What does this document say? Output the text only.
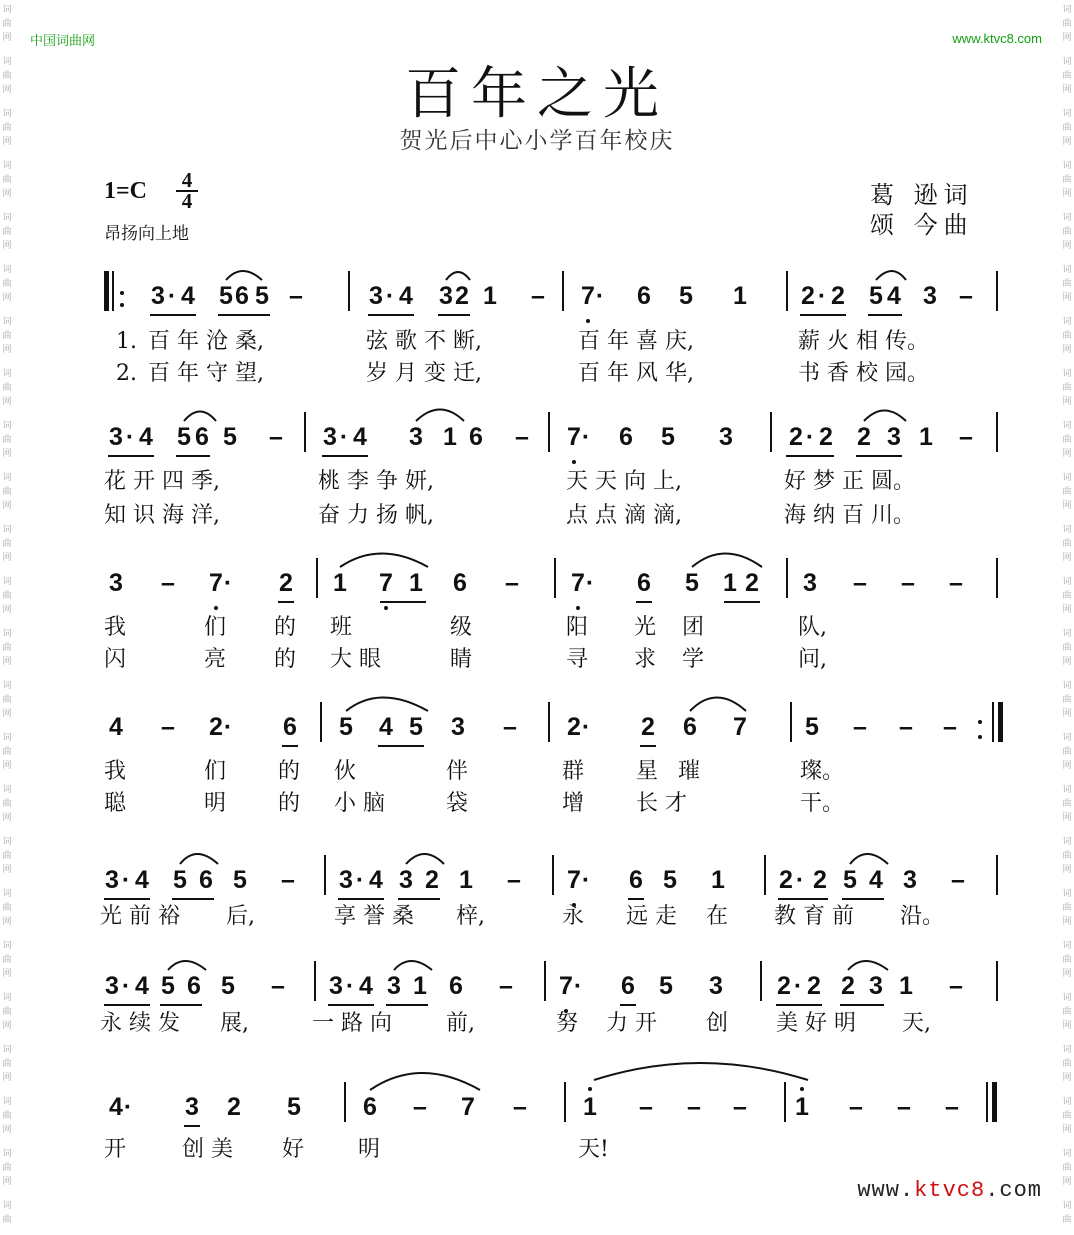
词
曲
网
词
曲
网
词
曲
网
词
曲
网
词
曲
网
词
曲
网
词
曲
网
词
曲
网
词
曲
网
词
曲
网
词
曲
网
词
曲
网
词
曲
网
词
曲
网
词
曲
网
词
曲
网
词
曲
网
词
曲
网
词
曲
网
词
曲
网
词
曲
网
词
曲
网
词
曲
网
词
曲
词
曲
网
词
曲
网
词
曲
网
词
曲
网
词
曲
网
词
曲
网
词
曲
网
词
曲
网
词
曲
网
词
曲
网
词
曲
网
词
曲
网
词
曲
网
词
曲
网
词
曲
网
词
曲
网
词
曲
网
词
曲
网
词
曲
网
词
曲
网
词
曲
网
词
曲
网
词
曲
网
词
曲
中国词曲网	www.ktvc8.com
百年之光
贺光后中心小学百年校庆
1=C 4
4
昂扬向上地
葛 逊词
颂 今曲
3 · 4 5 6 5 –	3 · 4 3 2 1 – 7 · 6 5 1 2 · 2 5 4 3 –
3 · 4 5 6 5 – 3 · 4 3 1 6 – 7 · 6 5 3 2 · 2 2 3 1 –
3 – 7 · 2 1 7 1 6 – 7 · 6 5 1 2 3 – – –
4 – 2 · 6 5 4 5 3 – 2 · 2 6 7 5 – – –
3 · 4 5 6 5 – 3 · 4 3 2 1 – 7 · 6 5 1 2 · 2 5 4 3 –
3 · 4 5 6 5 – 3 · 4 3 1 6 – 7 · 6 5 3 2 · 2 2 3 1 –
4 · 3 2 5 6 – 7 – 1 – – – 1 – – –
1. 百 年 沧 桑,	弦 歌 不 断,	百 年 喜 庆,	薪 火 相 传。
2. 百 年 守 望,	岁 月 变 迁,	百 年 风 华,	书 香 校 园。
花 开 四 季,	桃 李 争 妍,	天 天 向 上,	好 梦 正 圆。
知 识 海 洋,	奋 力 扬 帆,	点 点 滴 滴,	海 纳 百 川。
我	们 的 班	级	阳 光 团	队,
闪	亮 的 大 眼	睛	寻 求 学	问,
我	们 的 伙	伴	群 星 璀	璨。
聪	明 的 小 脑	袋	增 长 才	干。
光 前 裕 后,	享 誉 桑 梓,	永 远 走 在 教 育 前 沿。
永 续 发 展,	一 路 向 前,	努 力 开 创 美 好 明 天,
开	创 美 好 明	天!
www.ktvc8.com
